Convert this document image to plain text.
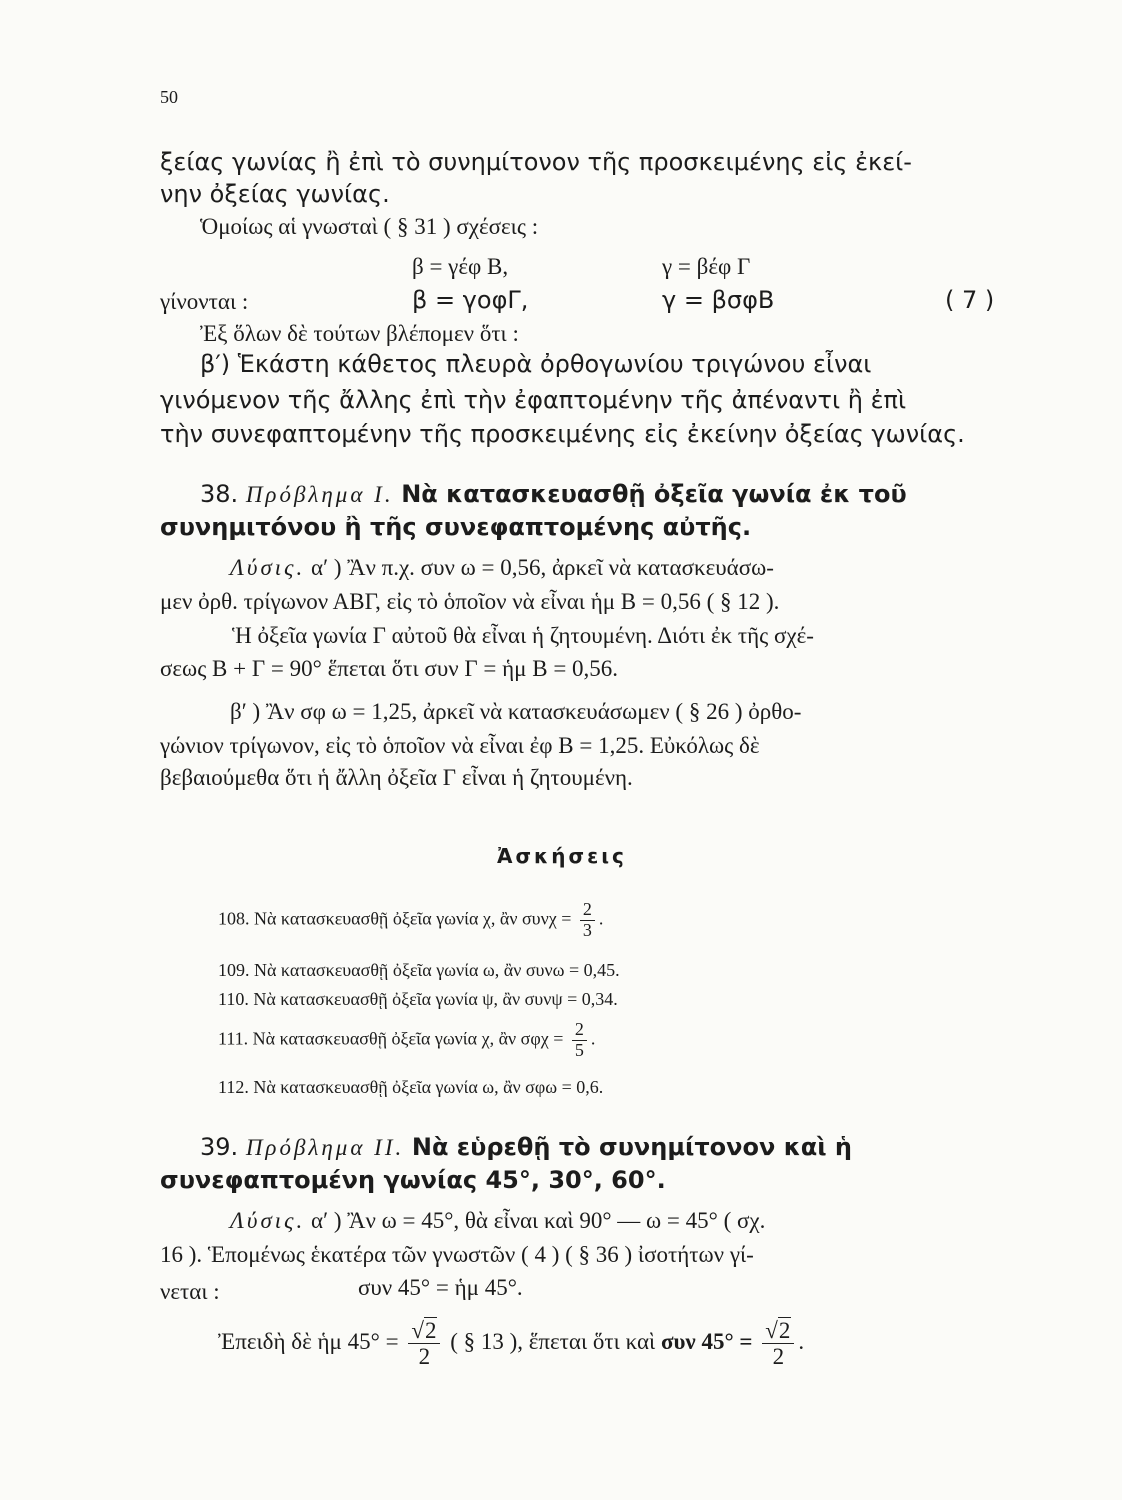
50
ξείας γωνίας ἢ ἐπὶ τὸ συνημίτονον τῆς προσκειμένης εἰς ἐκεί-
νην ὀξείας γωνίας.
Ὁμοίως αἱ γνωσταὶ ( § 31 ) σχέσεις :
β = γέφ Β,	γ = βέφ Γ
γίνονται :	β = γοφΓ,	γ = βσφΒ	( 7 )
Ἐξ ὅλων δὲ τούτων βλέπομεν ὅτι :
β′) Ἑκάστη κάθετος πλευρὰ ὀρθογωνίου τριγώνου εἶναι
γινόμενον τῆς ἄλλης ἐπὶ τὴν ἐφαπτομένην τῆς ἀπέναντι ἢ ἐπὶ
τὴν συνεφαπτομένην τῆς προσκειμένης εἰς ἐκείνην ὀξείας γωνίας.
38. Πρόβλημα Ι. Νὰ κατασκευασθῇ ὀξεῖα γωνία ἐκ τοῦ
συνημιτόνου ἢ τῆς συνεφαπτομένης αὐτῆς.
Λύσις. α′ ) Ἂν π.χ. συν ω = 0,56, ἀρκεῖ νὰ κατασκευάσω-
μεν ὀρθ. τρίγωνον ΑΒΓ, εἰς τὸ ὁποῖον νὰ εἶναι ἡμ Β = 0,56 ( § 12 ).
Ἡ ὀξεῖα γωνία Γ αὐτοῦ θὰ εἶναι ἡ ζητουμένη. Διότι ἐκ τῆς σχέ-
σεως Β + Γ = 90° ἕπεται ὅτι συν Γ = ἡμ Β = 0,56.
β′ ) Ἂν σφ ω = 1,25, ἀρκεῖ νὰ κατασκευάσωμεν ( § 26 ) ὀρθο-
γώνιον τρίγωνον, εἰς τὸ ὁποῖον νὰ εἶναι ἐφ Β = 1,25. Εὐκόλως δὲ
βεβαιούμεθα ὅτι ἡ ἄλλη ὀξεῖα Γ εἶναι ἡ ζητουμένη.
Ἀσκήσεις
108. Νὰ κατασκευασθῇ ὀξεῖα γωνία χ, ἂν $\sigma\upsilon\nu\chi = \frac{2}{3}$ .
109. Νὰ κατασκευασθῇ ὀξεῖα γωνία ω, ἂν συνω = 0,45.
110. Νὰ κατασκευασθῇ ὀξεῖα γωνία ψ, ἂν συνψ = 0,34.
111. Νὰ κατασκευασθῇ ὀξεῖα γωνία χ, ἂν $\sigma\varphi\chi = \frac{2}{5}$ .
112. Νὰ κατασκευασθῇ ὀξεῖα γωνία ω, ἂν σφω = 0,6.
39. Πρόβλημα ΙΙ. Νὰ εὑρεθῇ τὸ συνημίτονον καὶ ἡ
συνεφαπτομένη γωνίας 45°, 30°, 60°.
Λύσις. α′ ) Ἂν ω = 45°, θὰ εἶναι καὶ 90° — ω = 45° ( σχ.
16 ). Ἑπομένως ἑκατέρα τῶν γνωστῶν ( 4 ) ( § 36 ) ἰσοτήτων γί-
νεται :	συν 45° = ἡμ 45°.
Ἐπειδὴ δὲ ἡμ $45^\circ = \frac{√2}{2}$ ( § 13 ), ἕπεται ὅτι καὶ συν $45^\circ = \frac{√2}{2}$ .
